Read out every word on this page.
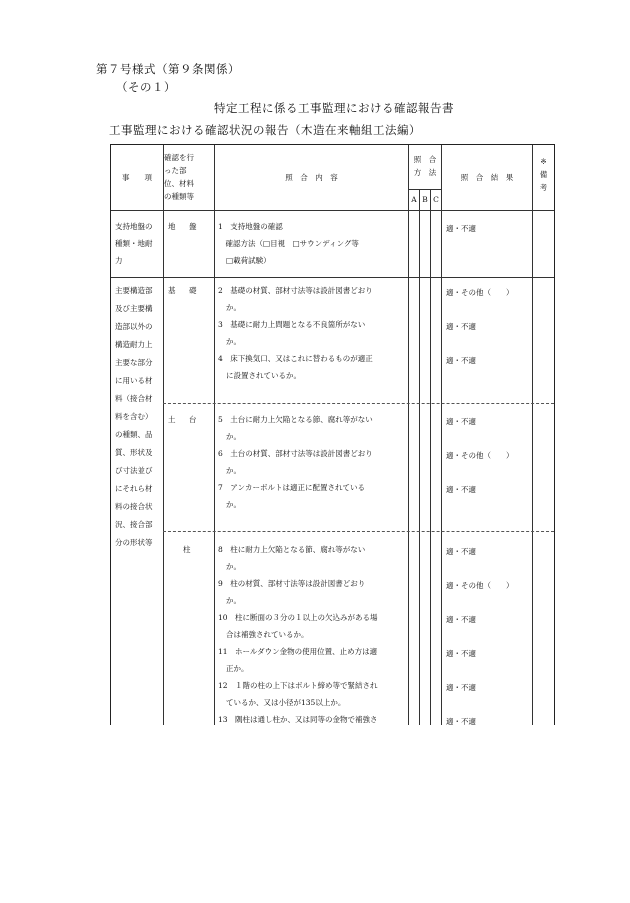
第７号様式（第９条関係）
（その１）
特定工程に係る工事監理における確認報告書
工事監理における確認状況の報告（木造在来軸組工法編）
事　　項
確認を行
った部
位、材料
の種類等
照　合　内　容
照　合
方　法
A B C
照　合　結　果
※
備
考
支持地盤の
種類・地耐
力
地　盤 1　支持地盤の確認
　確認方法（□目視　□サウンディング等
□載荷試験）
適・不適
主要構造部
及び主要構
造部以外の
構造耐力上
主要な部分
に用いる材
料（接合材
料を含む）
の種類、品
質、形状及
び寸法並び
にそれら材
料の接合状
況、接合部
分の形状等
基　礎 2　基礎の材質、部材寸法等は設計図書どおり
か。
3　基礎に耐力上問題となる不良箇所がない
か。
4　床下換気口、又はこれに替わるものが適正
に設置されているか。
適・その他（　　）
適・不適
適・不適
土　台 5　土台に耐力上欠陥となる節、腐れ等がない
か。
6　土台の材質、部材寸法等は設計図書どおり
か。
7　アンカーボルトは適正に配置されている
か。
適・不適
適・その他（　　）
適・不適
柱	8　柱に耐力上欠陥となる節、腐れ等がない
か。
9　柱の材質、部材寸法等は設計図書どおり
か。
10　柱に断面の３分の１以上の欠込みがある場
合は補強されているか。
11　ホールダウン金物の使用位置、止め方は適
正か。
12　１階の柱の上下はボルト締め等で緊結され
ているか、又は小径が135以上か。
13　隅柱は通し柱か、又は同等の金物で補強さ
適・不適
適・その他（　　）
適・不適
適・不適
適・不適
適・不適
